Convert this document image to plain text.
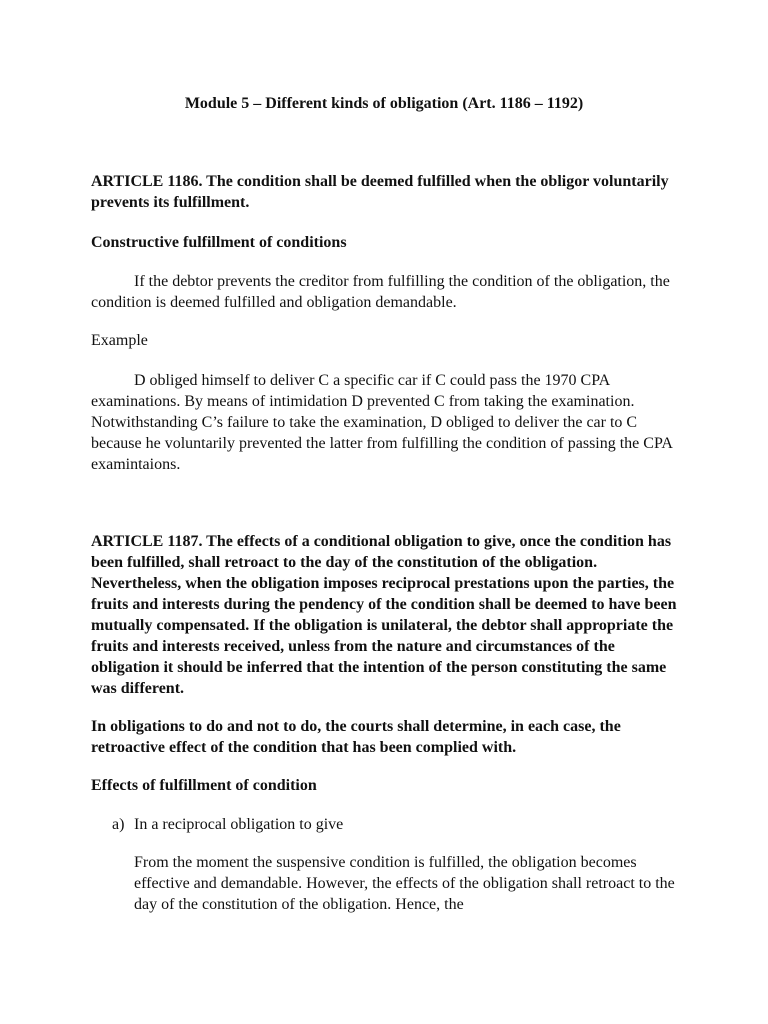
Module 5 – Different kinds of obligation (Art. 1186 – 1192)

ARTICLE 1186. The condition shall be deemed fulfilled when the obligor voluntarily prevents its fulfillment.

Constructive fulfillment of conditions

If the debtor prevents the creditor from fulfilling the condition of the obligation, the condition is deemed fulfilled and obligation demandable.

Example

D obliged himself to deliver C a specific car if C could pass the 1970 CPA examinations. By means of intimidation D prevented C from taking the examination. Notwithstanding C’s failure to take the examination, D obliged to deliver the car to C because he voluntarily prevented the latter from fulfilling the condition of passing the CPA examintaions.

ARTICLE 1187. The effects of a conditional obligation to give, once the condition has been fulfilled, shall retroact to the day of the constitution of the obligation. Nevertheless, when the obligation imposes reciprocal prestations upon the parties, the fruits and interests during the pendency of the condition shall be deemed to have been mutually compensated. If the obligation is unilateral, the debtor shall appropriate the fruits and interests received, unless from the nature and circumstances of the obligation it should be inferred that the intention of the person constituting the same was different.

In obligations to do and not to do, the courts shall determine, in each case, the retroactive effect of the condition that has been complied with.

Effects of fulfillment of condition

a) In a reciprocal obligation to give

From the moment the suspensive condition is fulfilled, the obligation becomes effective and demandable. However, the effects of the obligation shall retroact to the day of the constitution of the obligation. Hence, the
